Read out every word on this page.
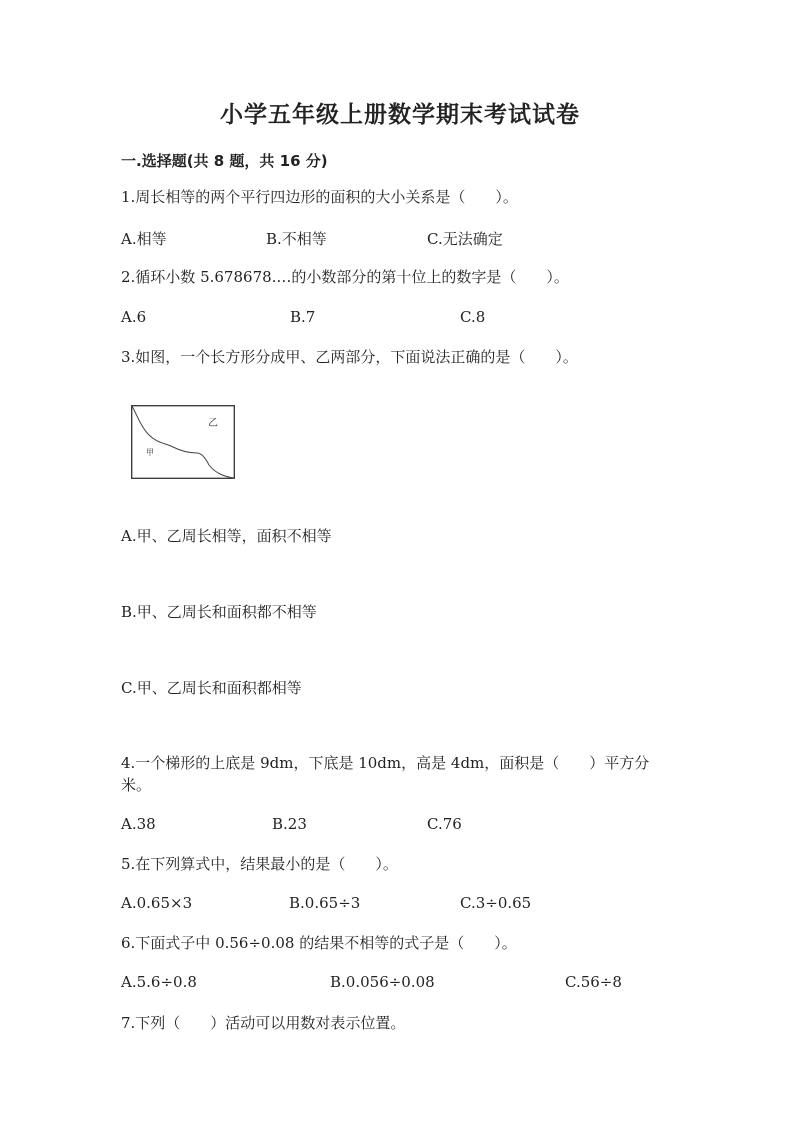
小学五年级上册数学期末考试试卷
一.选择题(共 8 题，共 16 分)
1.周长相等的两个平行四边形的面积的大小关系是（　　）。
A.相等	B.不相等	C.无法确定
2.循环小数 5.678678.…的小数部分的第十位上的数字是（　　）。
A.6	B.7	C.8
3.如图，一个长方形分成甲、乙两部分，下面说法正确的是（　　）。
乙
甲
A.甲、乙周长相等，面积不相等
B.甲、乙周长和面积都不相等
C.甲、乙周长和面积都相等
4.一个梯形的上底是 9dm，下底是 10dm，高是 4dm，面积是（　　）平方分米。
A.38	B.23	C.76
5.在下列算式中，结果最小的是（　　）。
A.0.65×3	B.0.65÷3	C.3÷0.65
6.下面式子中 0.56÷0.08 的结果不相等的式子是（　　）。
A.5.6÷0.8	B.0.056÷0.08	C.56÷8
7.下列（　　）活动可以用数对表示位置。
